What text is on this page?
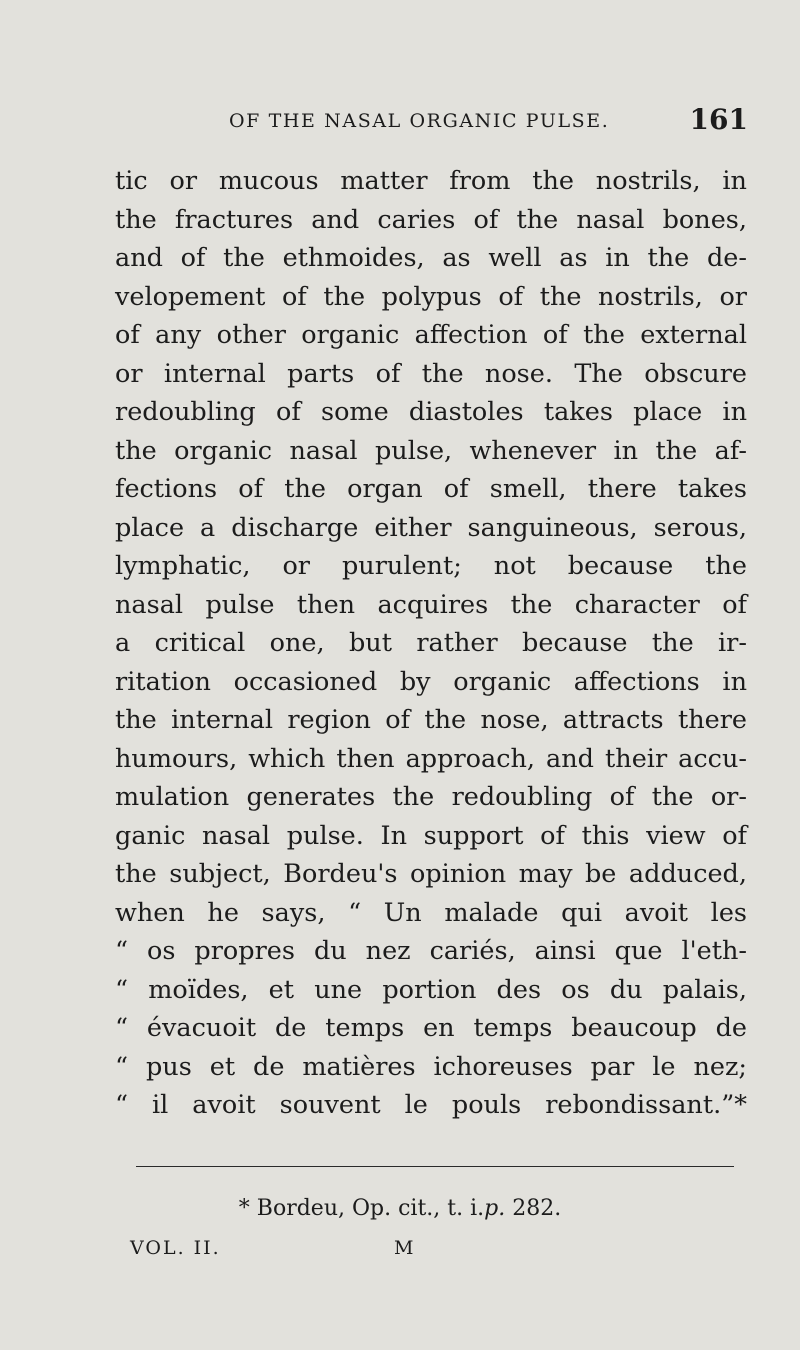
OF THE NASAL ORGANIC PULSE.	161
tic or mucous matter from the nostrils, in
the fractures and caries of the nasal bones,
and of the ethmoides, as well as in the de-
velopement of the polypus of the nostrils, or
of any other organic affection of the external
or internal parts of the nose. The obscure
redoubling of some diastoles takes place in
the organic nasal pulse, whenever in the af-
fections of the organ of smell, there takes
place a discharge either sanguineous, serous,
lymphatic, or purulent; not because the
nasal pulse then acquires the character of
a critical one, but rather because the ir-
ritation occasioned by organic affections in
the internal region of the nose, attracts there
humours, which then approach, and their accu-
mulation generates the redoubling of the or-
ganic nasal pulse. In support of this view of
the subject, Bordeu's opinion may be adduced,
when he says, “ Un malade qui avoit les
“ os propres du nez cariés, ainsi que l'eth-
“ moïdes, et une portion des os du palais,
“ évacuoit de temps en temps beaucoup de
“ pus et de matières ichoreuses par le nez;
“ il avoit souvent le pouls rebondissant.”*
* Bordeu, Op. cit., t. i.p. 282.
VOL. II.	M
